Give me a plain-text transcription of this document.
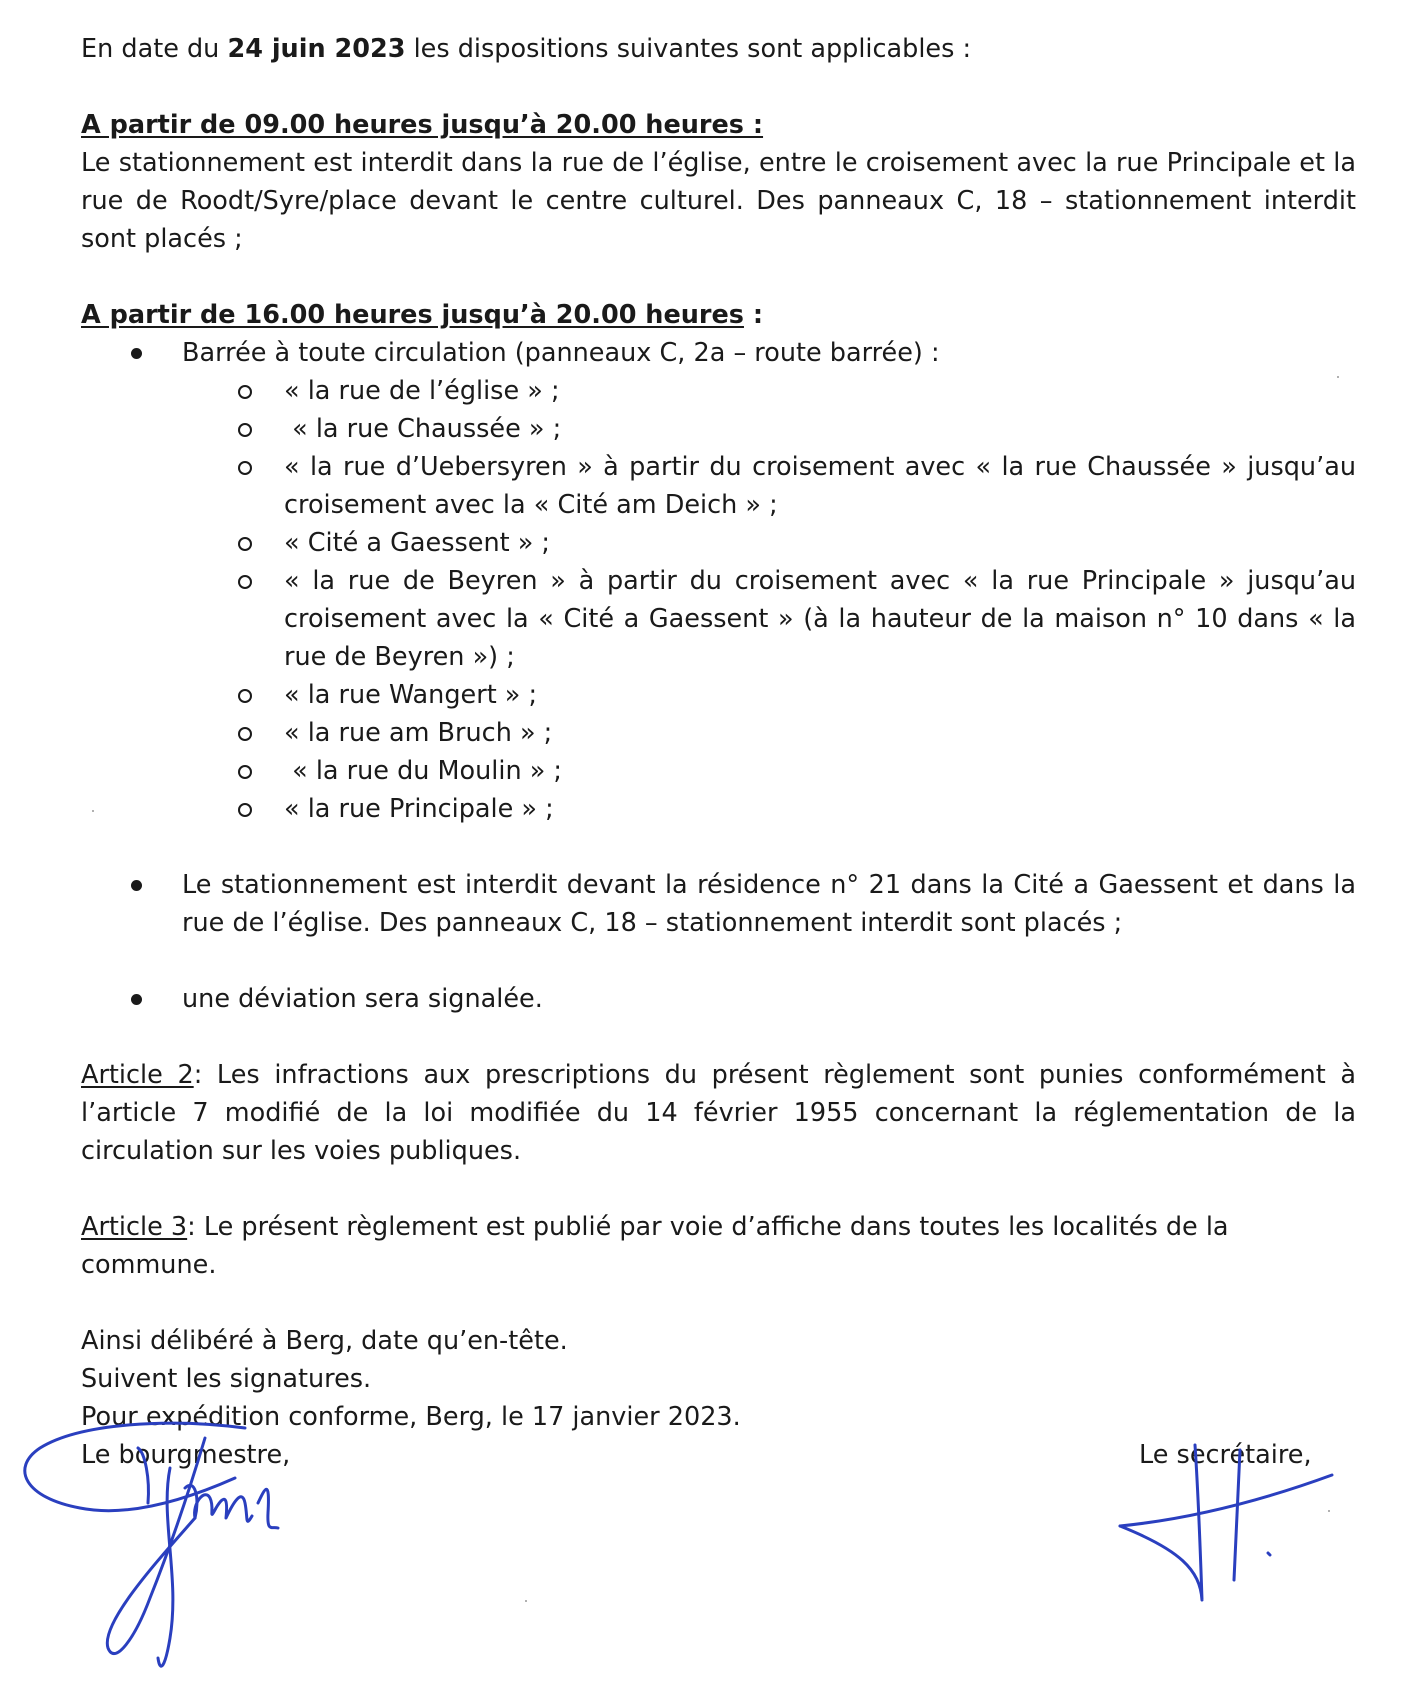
En date du 24 juin 2023 les dispositions suivantes sont applicables :

A partir de 09.00 heures jusqu’à 20.00 heures :

Le stationnement est interdit dans la rue de l’église, entre le croisement avec la rue Principale et la rue de Roodt/Syre/place devant le centre culturel. Des panneaux C, 18 – stationnement interdit sont placés ;

A partir de 16.00 heures jusqu’à 20.00 heures :

Barrée à toute circulation (panneaux C, 2a – route barrée) :
« la rue de l’église » ;
« la rue Chaussée » ;
« la rue d’Uebersyren » à partir du croisement avec « la rue Chaussée » jusqu’au croisement avec la « Cité am Deich » ;
« Cité a Gaessent » ;
« la rue de Beyren » à partir du croisement avec « la rue Principale » jusqu’au croisement avec la « Cité a Gaessent » (à la hauteur de la maison n° 10 dans « la rue de Beyren ») ;
« la rue Wangert » ;
« la rue am Bruch » ;
« la rue du Moulin » ;
« la rue Principale » ;
Le stationnement est interdit devant la résidence n° 21 dans la Cité a Gaessent et dans la rue de l’église. Des panneaux C, 18 – stationnement interdit sont placés ;
une déviation sera signalée.

Article 2: Les infractions aux prescriptions du présent règlement sont punies conformément à l’article 7 modifié de la loi modifiée du 14 février 1955 concernant la réglementation de la circulation sur les voies publiques.

Article 3: Le présent règlement est publié par voie d’affiche dans toutes les localités de la commune.

Ainsi délibéré à Berg, date qu’en-tête.

Suivent les signatures.

Pour expédition conforme, Berg, le 17 janvier 2023.

Le bourgmestre,	Le secrétaire,
